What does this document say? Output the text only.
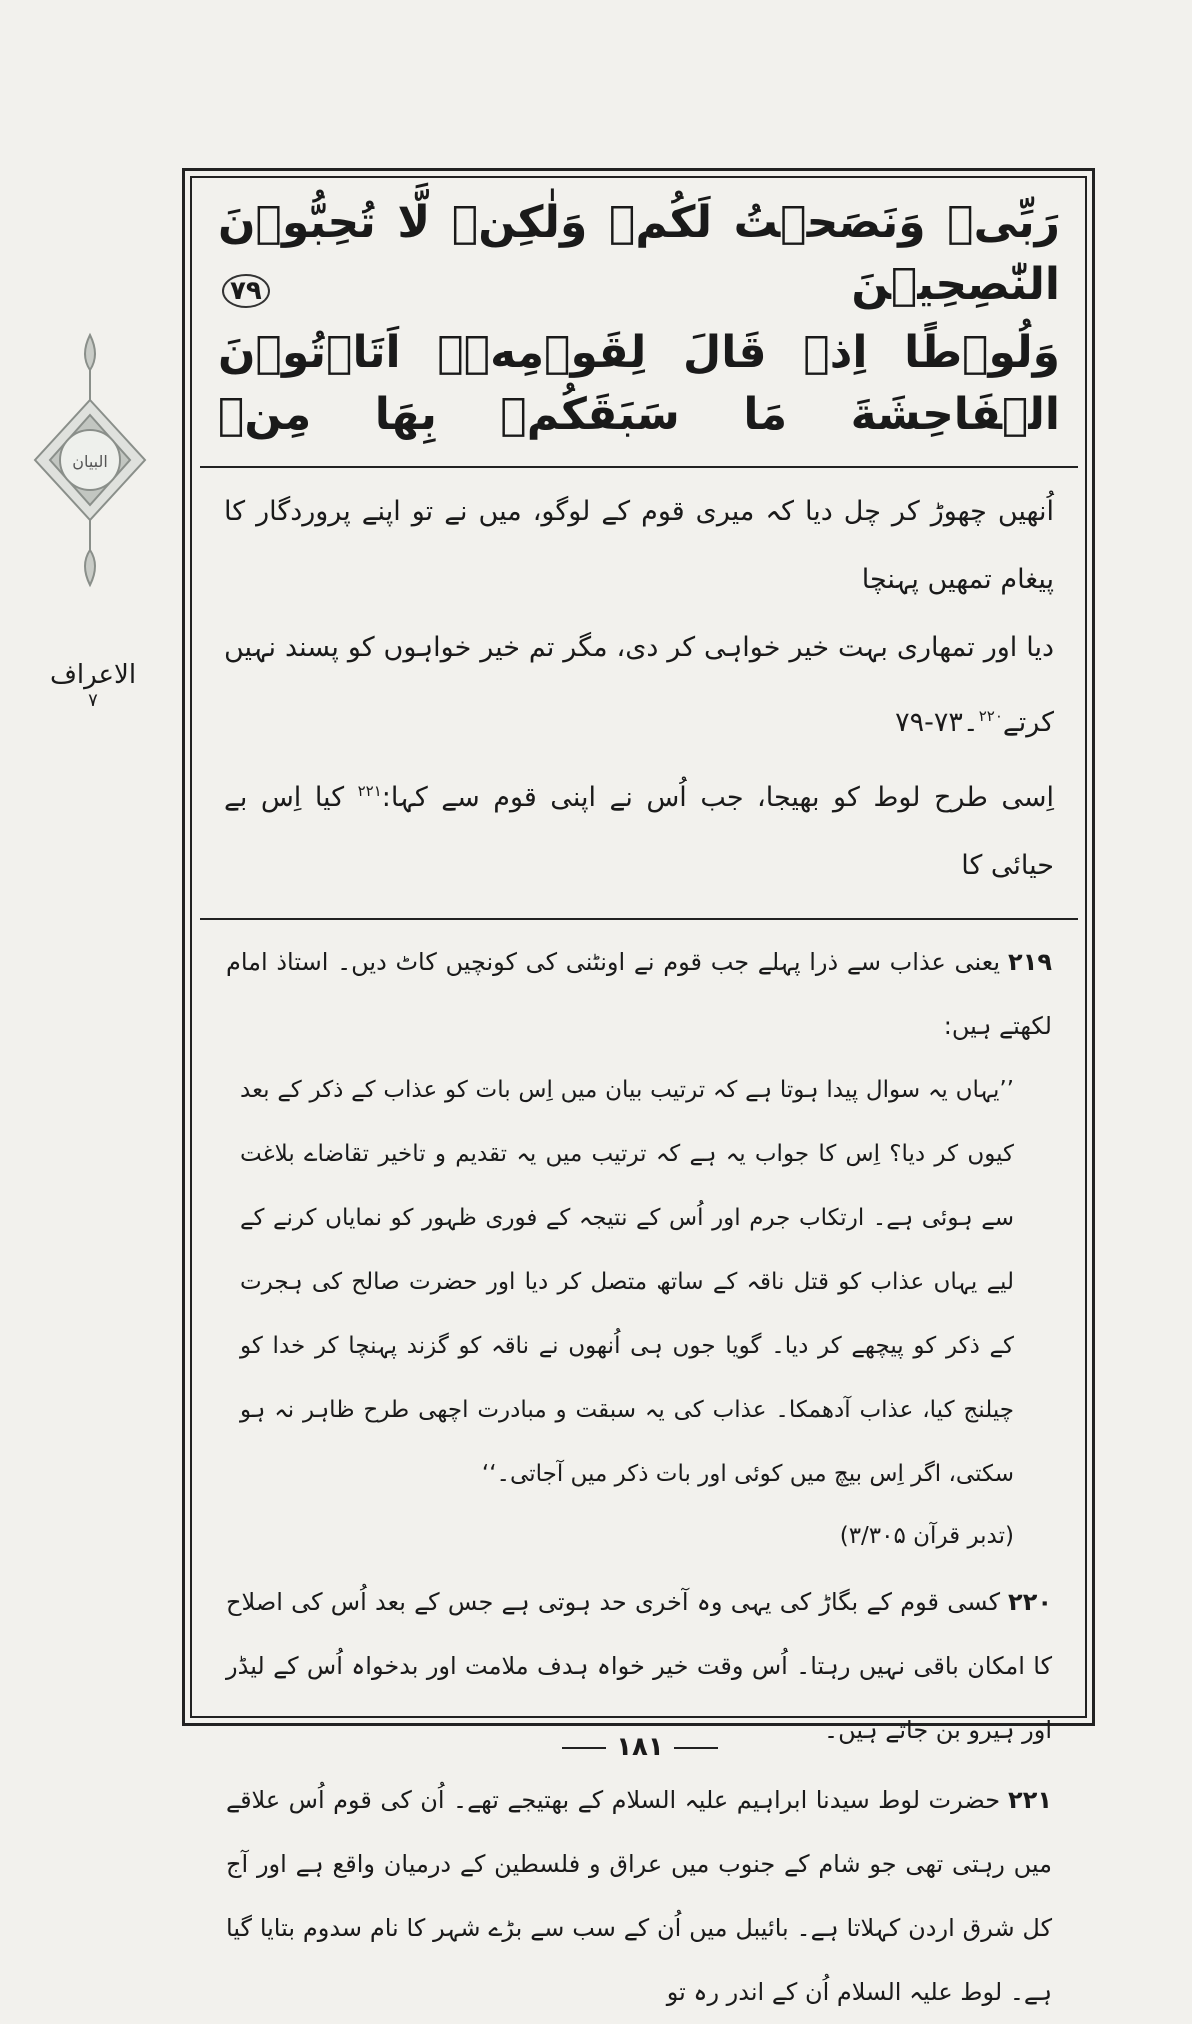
البیان
الاعراف
۷
رَبِّیۡ وَنَصَحۡتُ لَكُمۡ وَلٰكِنۡ لَّا تُحِبُّوۡنَ النّٰصِحِيۡنَ ٧٩
وَلُوۡطًا اِذۡ قَالَ لِقَوۡمِهٖۤ اَتَاۡتُوۡنَ الۡفَاحِشَةَ مَا سَبَقَكُمۡ بِهَا مِنۡ
اُنھیں چھوڑ کر چل دیا کہ میری قوم کے لوگو، میں نے تو اپنے پروردگار کا پیغام تمھیں پہنچا
دیا اور تمھاری بہت خیر خواہی کر دی، مگر تم خیر خواہوں کو پسند نہیں کرتے$^{۲۲۰}$۔۷۳-۷۹
اِسی طرح لوط کو بھیجا، جب اُس نے اپنی قوم سے کہا:$^{۲۲۱}$ کیا اِس بے حیائی کا
۲۱۹یعنی عذاب سے ذرا پہلے جب قوم نے اونٹنی کی کونچیں کاٹ دیں۔ استاذ امام لکھتے ہیں:
’’یہاں یہ سوال پیدا ہوتا ہے کہ ترتیب بیان میں اِس بات کو عذاب کے ذکر کے بعد کیوں کر دیا؟ اِس کا جواب یہ ہے کہ ترتیب میں یہ تقدیم و تاخیر تقاضاے بلاغت سے ہوئی ہے۔ ارتکاب جرم اور اُس کے نتیجہ کے فوری ظہور کو نمایاں کرنے کے لیے یہاں عذاب کو قتل ناقہ کے ساتھ متصل کر دیا اور حضرت صالح کی ہجرت کے ذکر کو پیچھے کر دیا۔ گویا جوں ہی اُنھوں نے ناقہ کو گزند پہنچا کر خدا کو چیلنج کیا، عذاب آدھمکا۔ عذاب کی یہ سبقت و مبادرت اچھی طرح ظاہر نہ ہو سکتی، اگر اِس بیچ میں کوئی اور بات ذکر میں آجاتی۔‘‘
(تدبر قرآن ۳/۳۰۵)
۲۲۰کسی قوم کے بگاڑ کی یہی وہ آخری حد ہوتی ہے جس کے بعد اُس کی اصلاح کا امکان باقی نہیں رہتا۔ اُس وقت خیر خواہ ہدف ملامت اور بدخواہ اُس کے لیڈر اور ہیرو بن جاتے ہیں۔
۲۲۱حضرت لوط سیدنا ابراہیم علیہ السلام کے بھتیجے تھے۔ اُن کی قوم اُس علاقے میں رہتی تھی جو شام کے جنوب میں عراق و فلسطین کے درمیان واقع ہے اور آج کل شرق اردن کہلاتا ہے۔ بائیبل میں اُن کے سب سے بڑے شہر کا نام سدوم بتایا گیا ہے۔ لوط علیہ السلام اُن کے اندر رہ تو
۱۸۱
